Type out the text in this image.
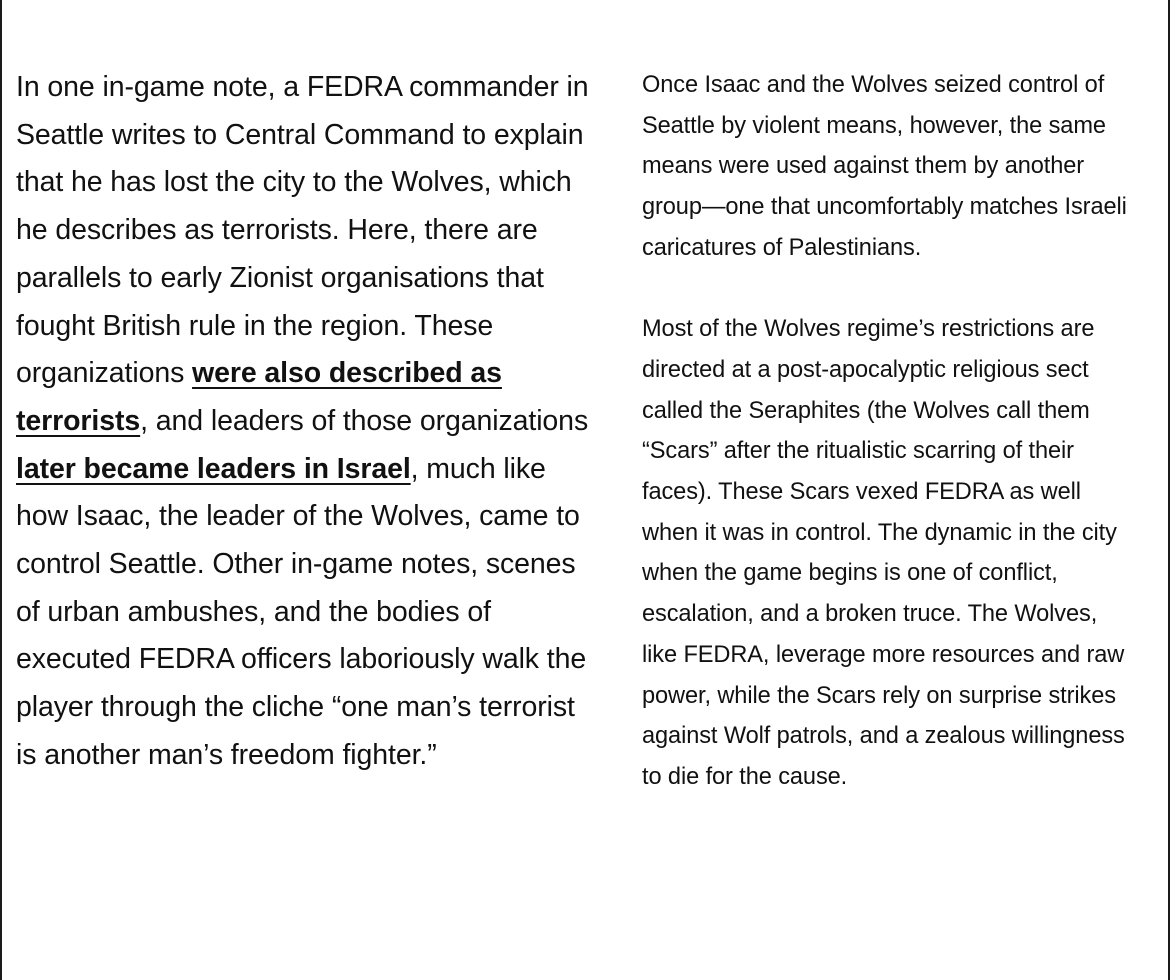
In one in-game note, a FEDRA commander in Seattle writes to Central Command to explain that he has lost the city to the Wolves, which he describes as terrorists. Here, there are parallels to early Zionist organisations that fought British rule in the region. These organizations were also described as terrorists, and leaders of those organizations later became leaders in Israel, much like how Isaac, the leader of the Wolves, came to control Seattle. Other in-game notes, scenes of urban ambushes, and the bodies of executed FEDRA officers laboriously walk the player through the cliche “one man’s terrorist is another man’s freedom fighter.”

Once Isaac and the Wolves seized control of Seattle by violent means, however, the same means were used against them by another group—one that uncomfortably matches Israeli caricatures of Palestinians.

Most of the Wolves regime’s restrictions are directed at a post-apocalyptic religious sect called the Seraphites (the Wolves call them “Scars” after the ritualistic scarring of their faces). These Scars vexed FEDRA as well when it was in control. The dynamic in the city when the game begins is one of conflict, escalation, and a broken truce. The Wolves, like FEDRA, leverage more resources and raw power, while the Scars rely on surprise strikes against Wolf patrols, and a zealous willingness to die for the cause.
